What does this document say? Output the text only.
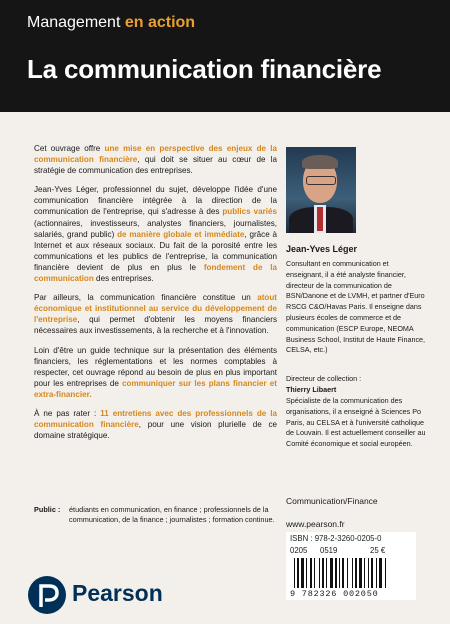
Management en action
La communication financière

Cet ouvrage offre une mise en perspective des enjeux de la communication financière, qui doit se situer au cœur de la stratégie de communication des entreprises.

Jean-Yves Léger, professionnel du sujet, développe l'idée d'une communication financière intégrée à la direction de la communication de l'entreprise, qui s'adresse à des publics variés (actionnaires, investisseurs, analystes financiers, journalistes, salariés, grand public) de manière globale et immédiate, grâce à Internet et aux réseaux sociaux. Du fait de la porosité entre les communications et les publics de l'entreprise, la communication financière devient de plus en plus le fondement de la communication des entreprises.

Par ailleurs, la communication financière constitue un atout économique et institutionnel au service du développement de l'entreprise, qui permet d'obtenir les moyens financiers nécessaires aux investissements, à la recherche et à l'innovation.

Loin d'être un guide technique sur la présentation des éléments financiers, les réglementations et les normes comptables à respecter, cet ouvrage répond au besoin de plus en plus important pour les entreprises de communiquer sur les plans financier et extra-financier.

À ne pas rater : 11 entretiens avec des professionnels de la communication financière, pour une vision plurielle de ce domaine stratégique.

Jean-Yves Léger
Consultant en communication et enseignant, il a été analyste financier, directeur de la communication de BSN/Danone et de LVMH, et partner d'Euro RSCG C&O/Havas Paris. Il enseigne dans plusieurs écoles de commerce et de communication (ESCP Europe, NEOMA Business School, Institut de Haute Finance, CELSA, etc.)
Directeur de collection :
Thierry Libaert
Spécialiste de la communication des organisations, il a enseigné à Sciences Po Paris, au CELSA et à l'université catholique de Louvain. Il est actuellement conseiller au Comité économique et social européen.
Public :	étudiants en communication, en finance ; professionnels de la communication, de la finance ; journalistes ; formation continue.
Communication/Finance
www.pearson.fr
ISBN : 978-2-3260-0205-0
0205 0519	25 €
9 782326 002050
Pearson
